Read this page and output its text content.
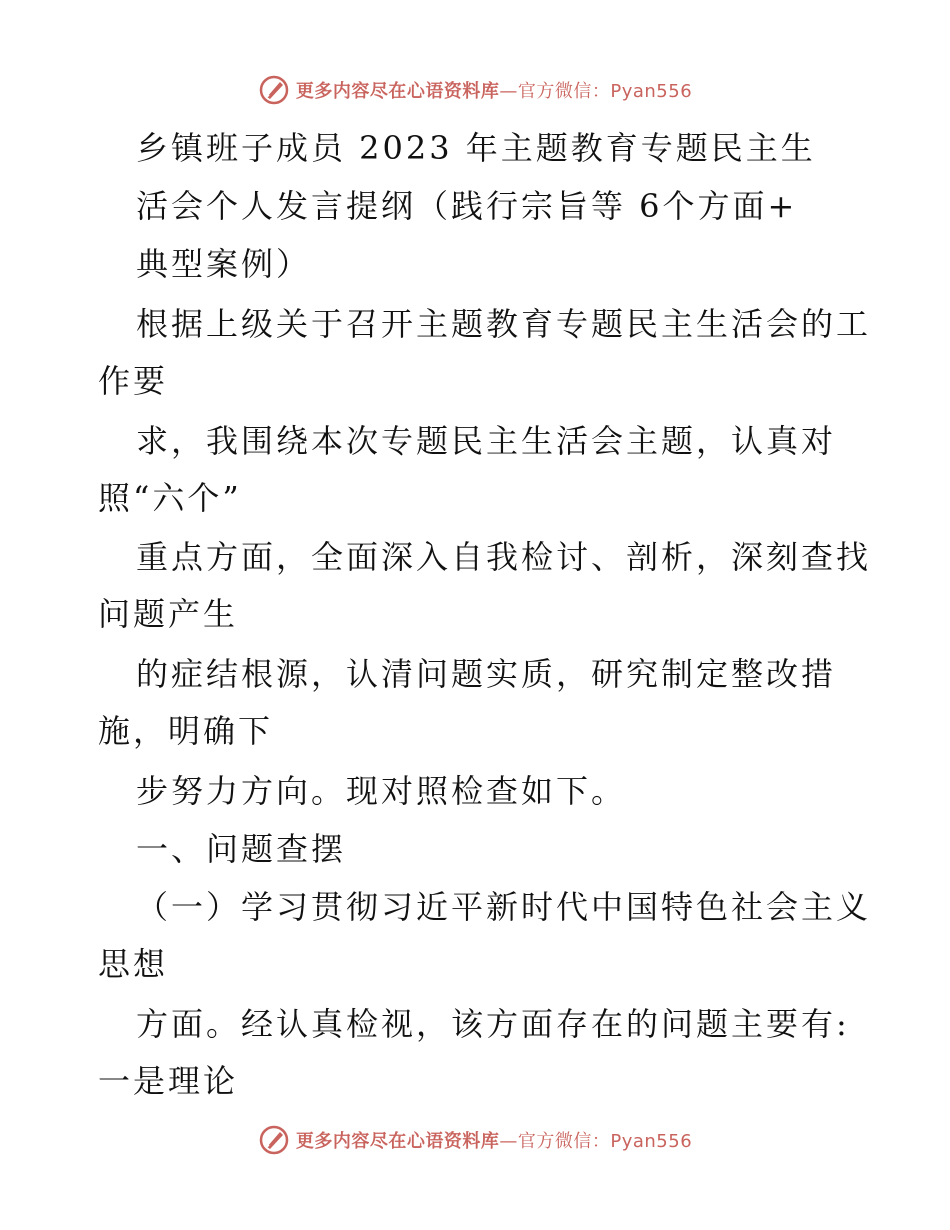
更多内容尽在心语资料库—官方微信：Pyan556
乡镇班子成员 2023 年主题教育专题民主生
活会个人发言提纲（践行宗旨等 6个方面+
典型案例）
根据上级关于召开主题教育专题民主生活会的工
作要
求，我围绕本次专题民主生活会主题，认真对
照“六个”
重点方面，全面深入自我检讨、剖析，深刻查找
问题产生
的症结根源，认清问题实质，研究制定整改措
施，明确下
步努力方向。现对照检查如下。
一、问题查摆
（一）学习贯彻习近平新时代中国特色社会主义
思想
方面。经认真检视，该方面存在的问题主要有:
一是理论
更多内容尽在心语资料库—官方微信：Pyan556
